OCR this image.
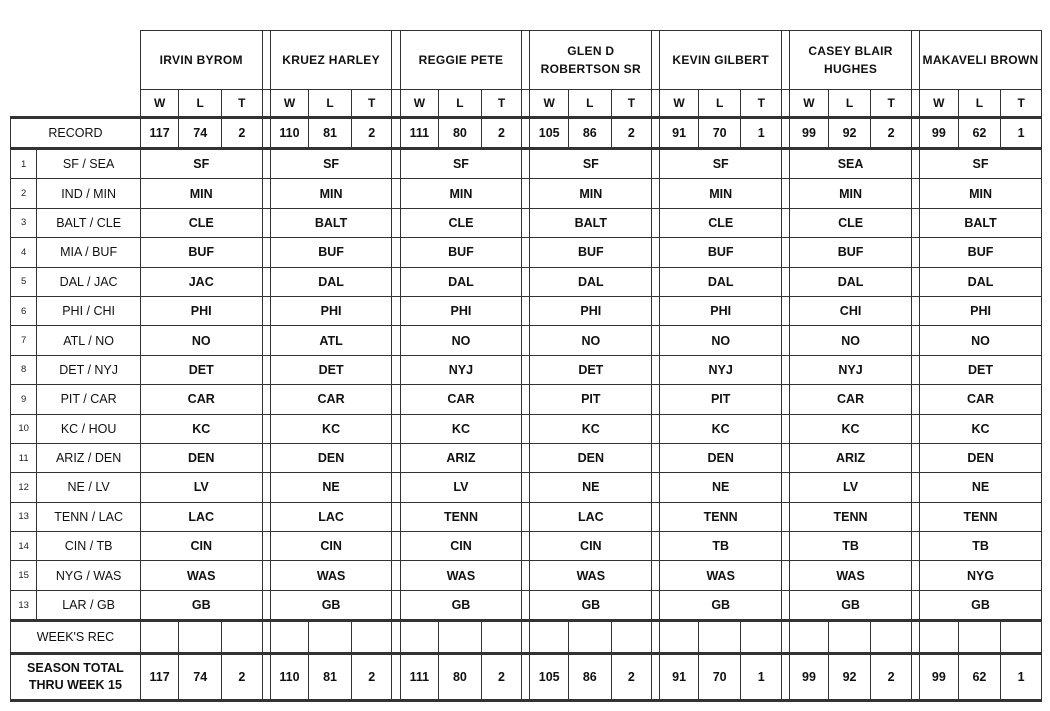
		IRVIN BYROM				KRUEZ HARLEY				REGGIE PETE				GLEN D ROBERTSON SR				KEVIN GILBERT				CASEY BLAIR HUGHES				MAKAVELI BROWN		
		W	L	T		W	L	T		W	L	T		W	L	T		W	L	T		W	L	T		W	L	T
RECORD		117	74	2		110	81	2		111	80	2		105	86	2		91	70	1		99	92	2		99	62	1
1	SF / SEA	SF				SF				SF				SF				SF				SEA				SF		
2	IND / MIN	MIN				MIN				MIN				MIN				MIN				MIN				MIN		
3	BALT / CLE	CLE				BALT				CLE				BALT				CLE				CLE				BALT		
4	MIA / BUF	BUF				BUF				BUF				BUF				BUF				BUF				BUF		
5	DAL / JAC	JAC				DAL				DAL				DAL				DAL				DAL				DAL		
6	PHI / CHI	PHI				PHI				PHI				PHI				PHI				CHI				PHI		
7	ATL / NO	NO				ATL				NO				NO				NO				NO				NO		
8	DET / NYJ	DET				DET				NYJ				DET				NYJ				NYJ				DET		
9	PIT / CAR	CAR				CAR				CAR				PIT				PIT				CAR				CAR		
10	KC / HOU	KC				KC				KC				KC				KC				KC				KC		
11	ARIZ / DEN	DEN				DEN				ARIZ				DEN				DEN				ARIZ				DEN		
12	NE / LV	LV				NE				LV				NE				NE				LV				NE		
13	TENN / LAC	LAC				LAC				TENN				LAC				TENN				TENN				TENN		
14	CIN / TB	CIN				CIN				CIN				CIN				TB				TB				TB		
15	NYG / WAS	WAS				WAS				WAS				WAS				WAS				WAS				NYG		
13	LAR / GB	GB				GB				GB				GB				GB				GB				GB		
WEEK'S REC																												
SEASON TOTAL THRU WEEK 15		117	74	2		110	81	2		111	80	2		105	86	2		91	70	1		99	92	2		99	62	1
